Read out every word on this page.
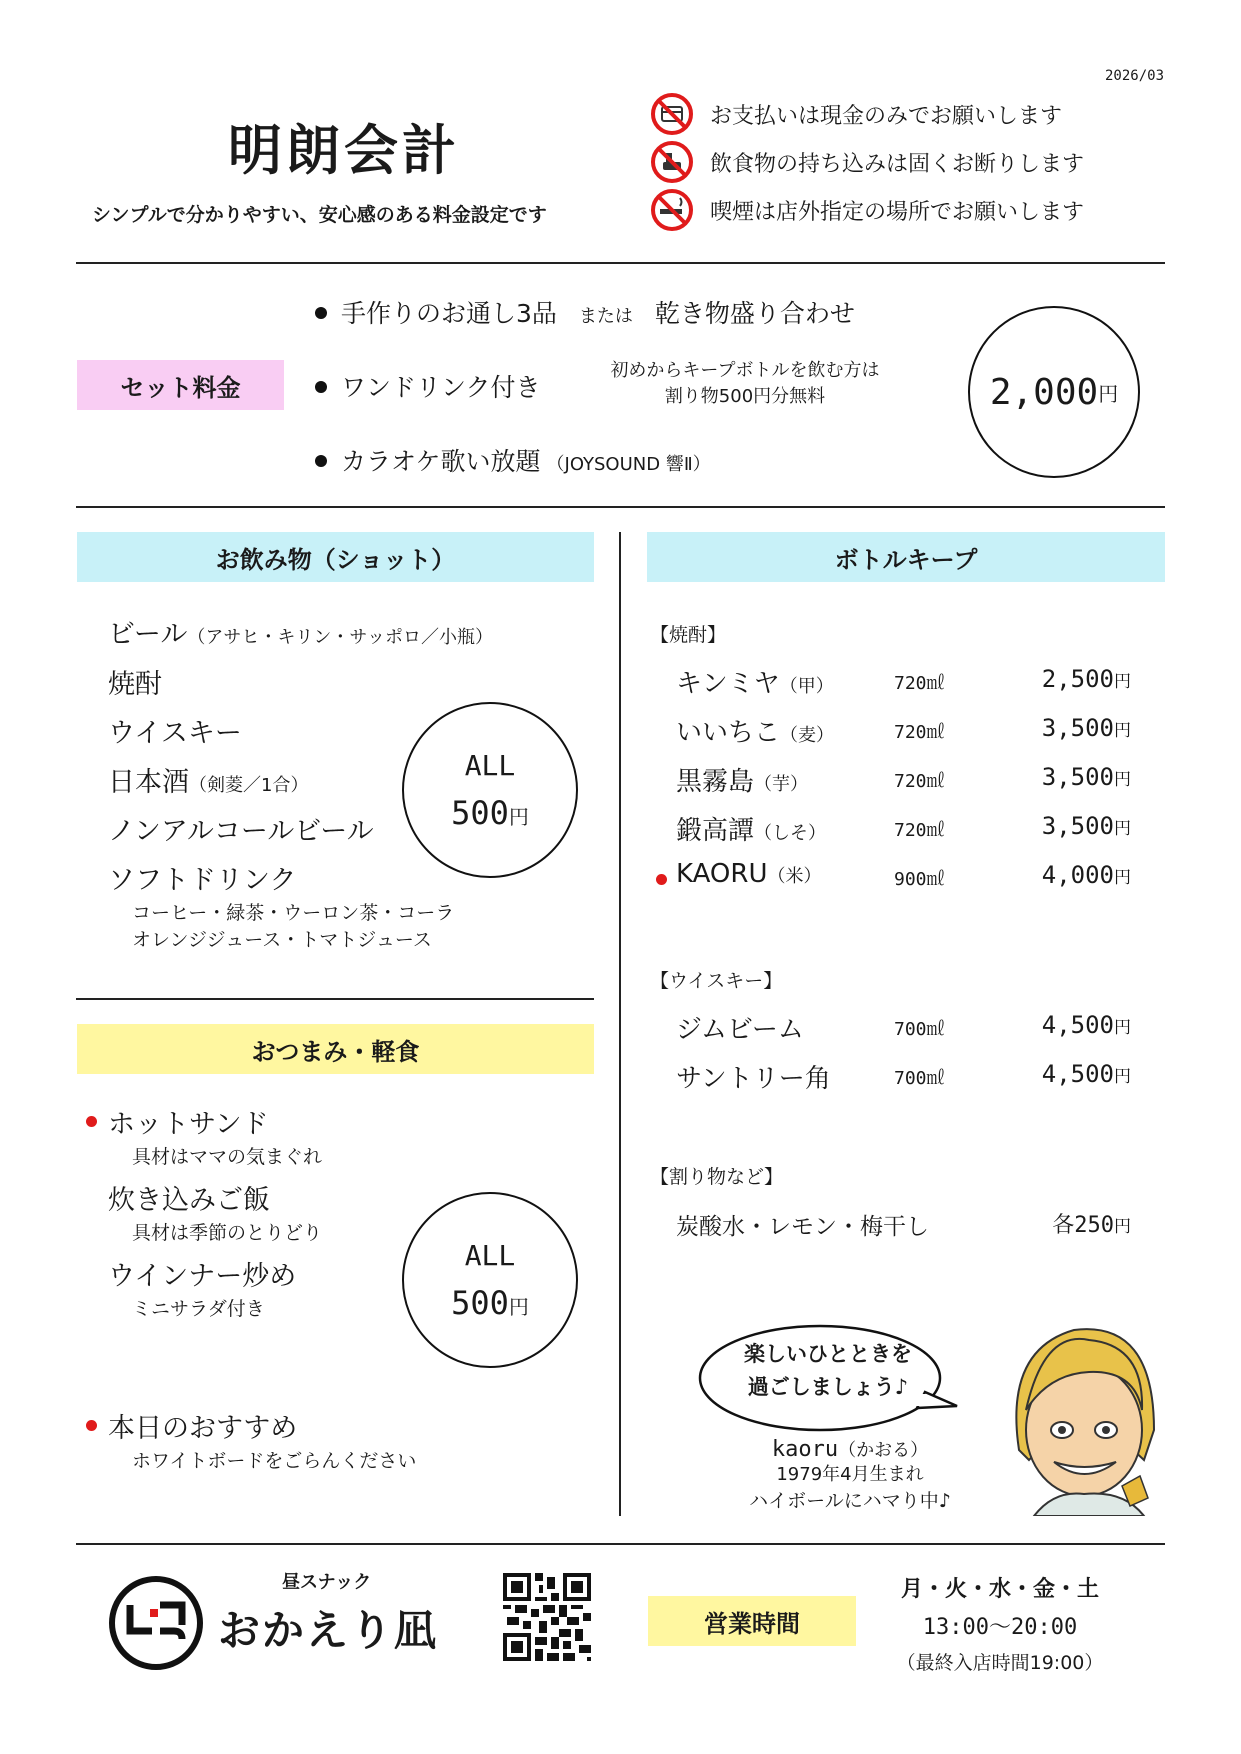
2026/03
明朗会計
シンプルで分かりやすい、安心感のある料金設定です
お支払いは現金のみでお願いします
飲食物の持ち込みは固くお断りします
喫煙は店外指定の場所でお願いします
セット料金
手作りのお通し3品 または 乾き物盛り合わせ
ワンドリンク付き
初めからキープボトルを飲む方は
割り物500円分無料
カラオケ歌い放題 （JOYSOUND 響Ⅱ）
2,000 円
お飲み物（ショット）
ビール（アサヒ・キリン・サッポロ／小瓶）
焼酎
ウイスキー
日本酒（剣菱／1合）
ノンアルコールビール
ソフトドリンク
コーヒー・緑茶・ウーロン茶・コーラ
オレンジジュース・トマトジュース
ALL
500円
おつまみ・軽食
ホットサンド
具材はママの気まぐれ
炊き込みご飯
具材は季節のとりどり
ウインナー炒め
ミニサラダ付き
ALL
500円
本日のおすすめ
ホワイトボードをごらんください
ボトルキープ
【焼酎】
キンミヤ（甲）	720㎖	2,500円
いいちこ（麦）	720㎖	3,500円
黒霧島（芋）	720㎖	3,500円
鍛高譚（しそ）	720㎖	3,500円
KAORU（米）	900㎖	4,000円
【ウイスキー】
ジムビーム	700㎖	4,500円
サントリー角	700㎖	4,500円
【割り物など】
炭酸水・レモン・梅干し	各250円
楽しいひとときを
過ごしましょう♪
kaoru（かおる）
1979年4月生まれ
ハイボールにハマり中♪
昼スナック
おかえり凪	営業時間
月・火・水・金・土
13:00〜20:00
（最終入店時間19:00）
